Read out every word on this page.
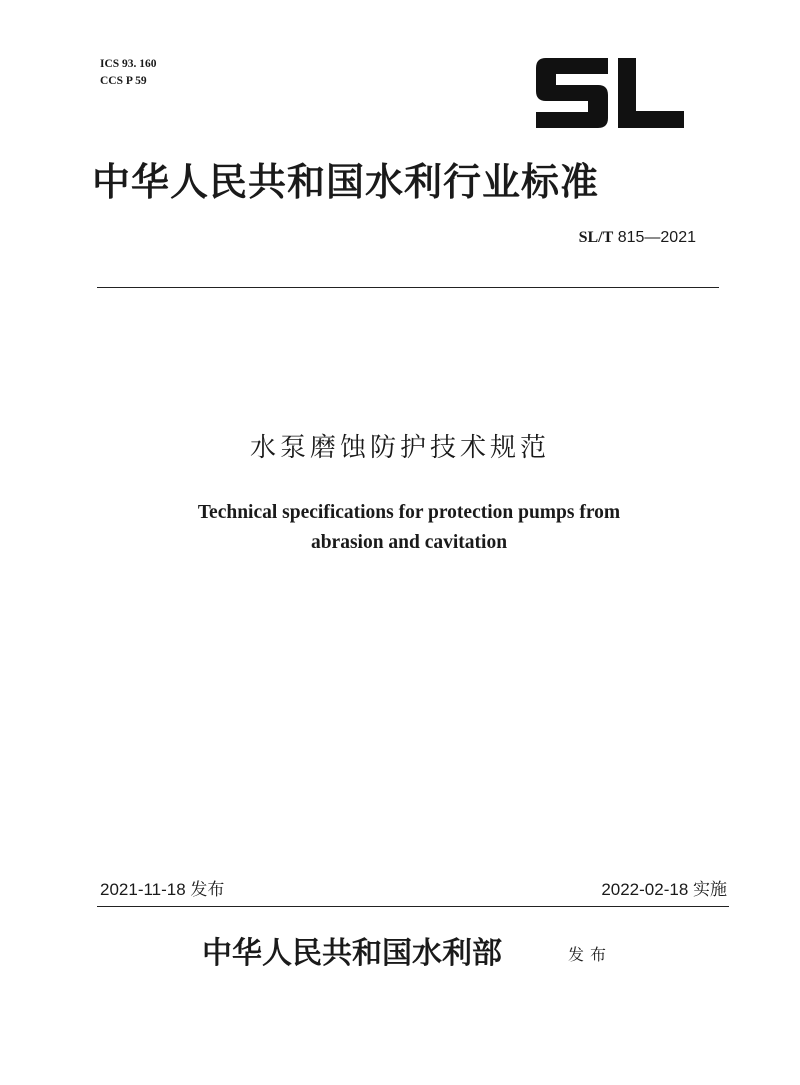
ICS 93. 160
CCS P 59
中华人民共和国水利行业标准
SL/T 815—2021
水泵磨蚀防护技术规范
Technical specifications for protection pumps from
abrasion and cavitation
2021-11-18 发布	2022-02-18 实施
中华人民共和国水利部	发布
